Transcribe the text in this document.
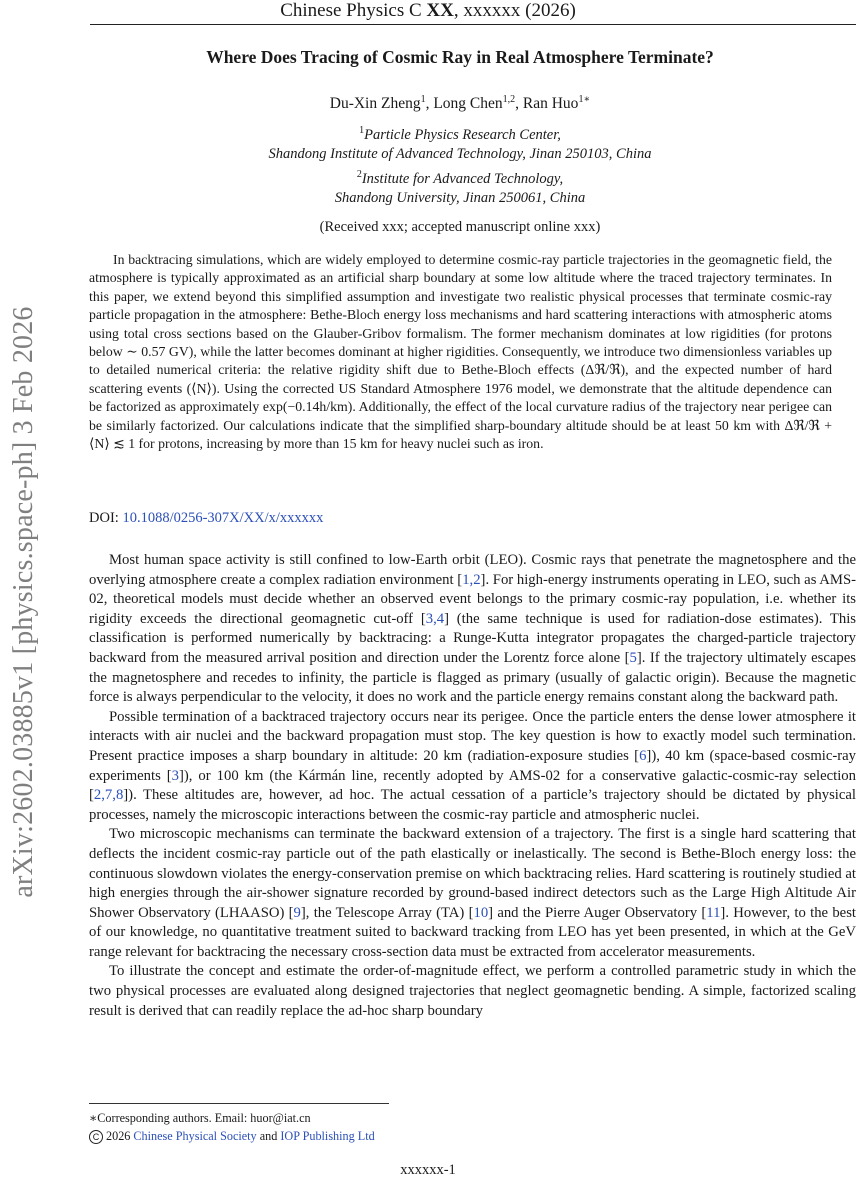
arXiv:2602.03885v1 [physics.space-ph] 3 Feb 2026
Chinese Physics C XX, xxxxxx (2026)
Where Does Tracing of Cosmic Ray in Real Atmosphere Terminate?
Du-Xin Zheng$^1$, Long Chen$^{1,2}$, Ran Huo$^{1∗}$
$^1$Particle Physics Research Center,
Shandong Institute of Advanced Technology, Jinan 250103, China
$^2$Institute for Advanced Technology,
Shandong University, Jinan 250061, China
(Received xxx; accepted manuscript online xxx)
In backtracing simulations, which are widely employed to determine cosmic-ray particle trajectories in the geomagnetic field, the atmosphere is typically approximated as an artificial sharp boundary at some low altitude where the traced trajectory terminates. In this paper, we extend beyond this simplified assumption and investigate two realistic physical processes that terminate cosmic-ray particle propagation in the atmosphere: Bethe-Bloch energy loss mechanisms and hard scattering interactions with atmospheric atoms using total cross sections based on the Glauber-Gribov formalism. The former mechanism dominates at low rigidities (for protons below ∼ 0.57 GV), while the latter becomes dominant at higher rigidities. Consequently, we introduce two dimensionless variables up to detailed numerical criteria: the relative rigidity shift due to Bethe-Bloch effects (Δℜ/ℜ), and the expected number of hard scattering events (⟨N⟩). Using the corrected US Standard Atmosphere 1976 model, we demonstrate that the altitude dependence can be factorized as approximately exp(−0.14h/km). Additionally, the effect of the local curvature radius of the trajectory near perigee can be similarly factorized. Our calculations indicate that the simplified sharp-boundary altitude should be at least 50 km with Δℜ/ℜ + ⟨N⟩ ≲ 1 for protons, increasing by more than 15 km for heavy nuclei such as iron.
DOI: 10.1088/0256-307X/XX/x/xxxxxx

Most human space activity is still confined to low-Earth orbit (LEO). Cosmic rays that penetrate the magnetosphere and the overlying atmosphere create a complex radiation environment [1,2]. For high-energy instruments operating in LEO, such as AMS-02, theoretical models must decide whether an observed event belongs to the primary cosmic-ray population, i.e. whether its rigidity exceeds the directional geomagnetic cut-off [3,4] (the same technique is used for radiation-dose estimates). This classification is performed numerically by backtracing: a Runge-Kutta integrator propagates the charged-particle trajectory backward from the measured arrival position and direction under the Lorentz force alone [5]. If the trajectory ultimately escapes the magnetosphere and recedes to infinity, the particle is flagged as primary (usually of galactic origin). Because the magnetic force is always perpendicular to the velocity, it does no work and the particle energy remains constant along the backward path.

Possible termination of a backtraced trajectory occurs near its perigee. Once the particle enters the dense lower atmosphere it interacts with air nuclei and the backward propagation must stop. The key question is how to exactly model such termination. Present practice imposes a sharp boundary in altitude: 20 km (radiation-exposure studies [6]), 40 km (space-based cosmic-ray experiments [3]), or 100 km (the Kármán line, recently adopted by AMS-02 for a conservative galactic-cosmic-ray selection [2,7,8]). These altitudes are, however, ad hoc. The actual cessation of a particle’s trajectory should be dictated by physical processes, namely the microscopic interactions between the cosmic-ray particle and atmospheric nuclei.

Two microscopic mechanisms can terminate the backward extension of a trajectory. The first is a single hard scattering that deflects the incident cosmic-ray particle out of the path elastically or inelastically. The second is Bethe-Bloch energy loss: the continuous slowdown violates the energy-conservation premise on which backtracing relies. Hard scattering is routinely studied at high energies through the air-shower signature recorded by ground-based indirect detectors such as the Large High Altitude Air Shower Observatory (LHAASO) [9], the Telescope Array (TA) [10] and the Pierre Auger Observatory [11]. However, to the best of our knowledge, no quantitative treatment suited to backward tracking from LEO has yet been presented, in which at the GeV range relevant for backtracing the necessary cross-section data must be extracted from accelerator measurements.

To illustrate the concept and estimate the order-of-magnitude effect, we perform a controlled parametric study in which the two physical processes are evaluated along designed trajectories that neglect geomagnetic bending. A simple, factorized scaling result is derived that can readily replace the ad-hoc sharp boundary

∗Corresponding authors. Email: huor@iat.cn
C 2026 Chinese Physical Society and IOP Publishing Ltd
xxxxxx-1
